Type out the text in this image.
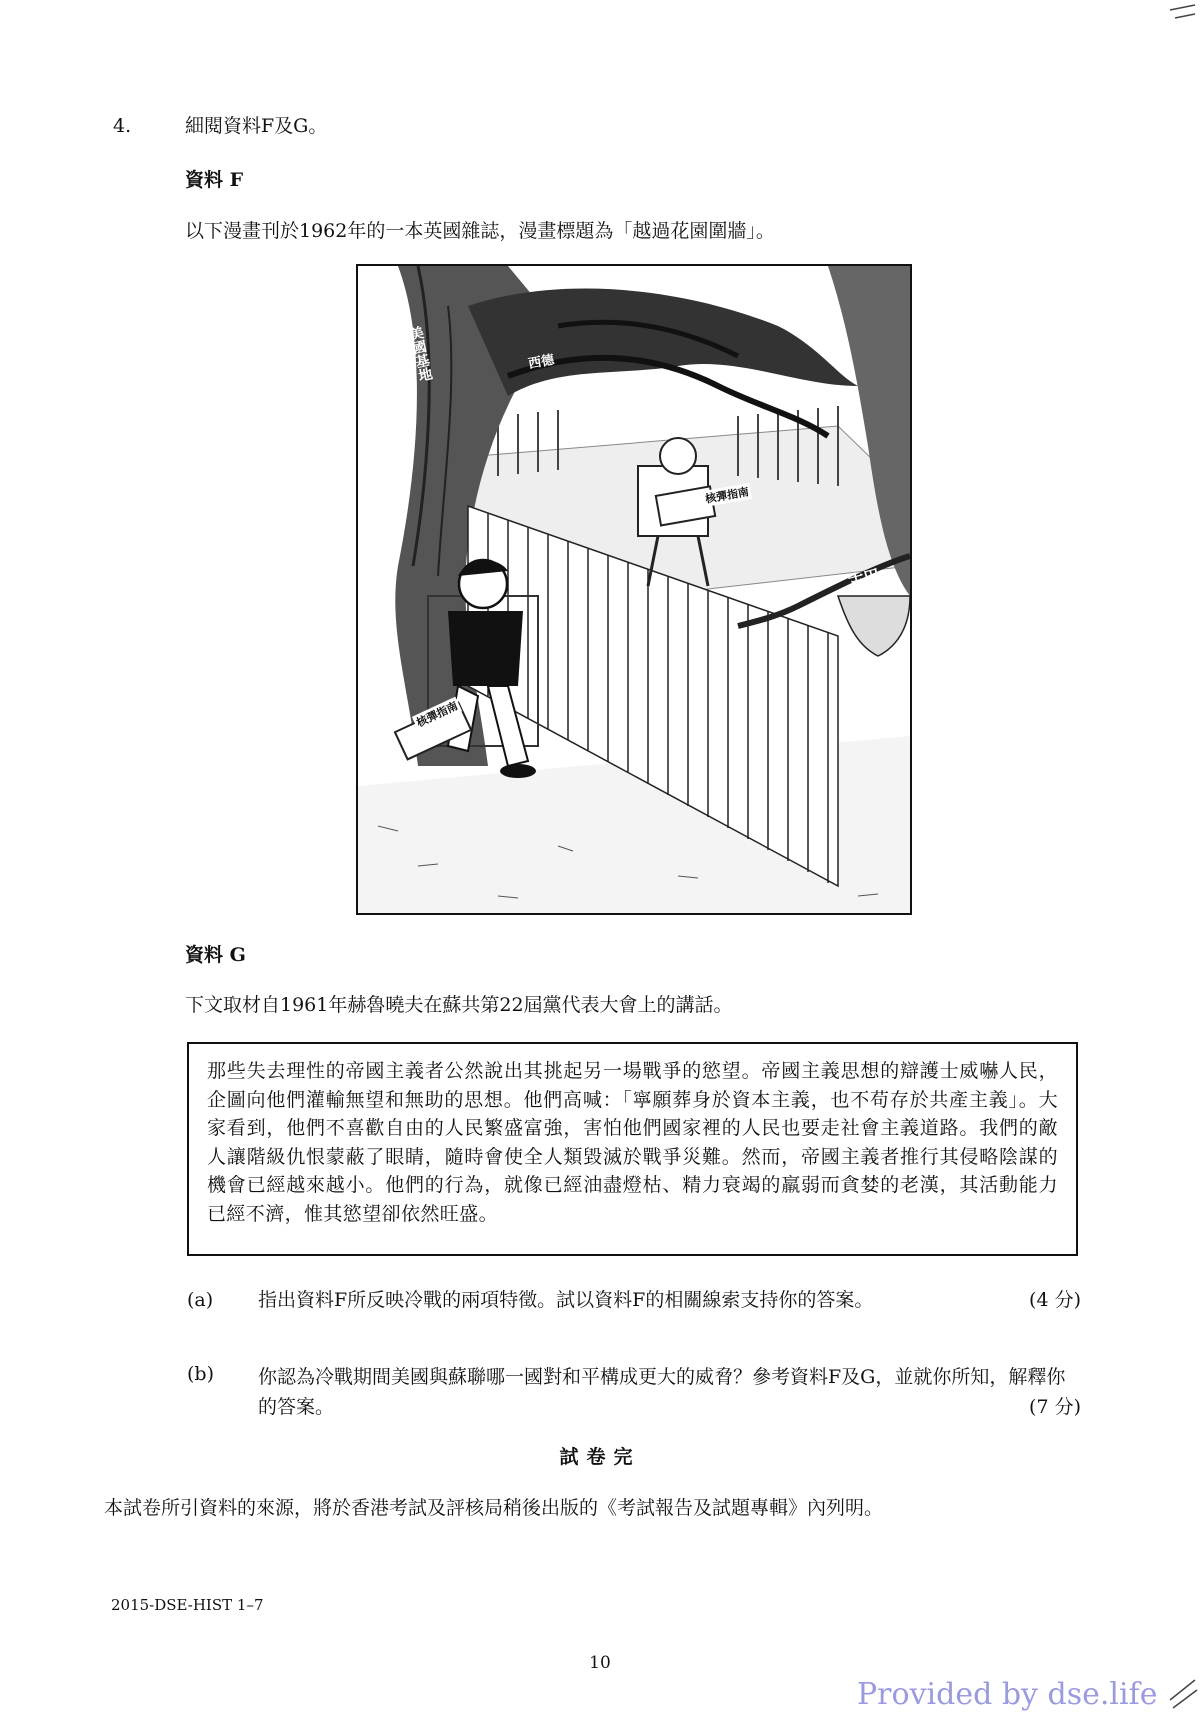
4.	細閱資料F及G。
資料 F
以下漫畫刊於1962年的一本英國雜誌，漫畫標題為「越過花園圍牆」。
核彈指南
核彈指南
古巴
西德
美國基地
資料 G
下文取材自1961年赫魯曉夫在蘇共第22屆黨代表大會上的講話。
那些失去理性的帝國主義者公然說出其挑起另一場戰爭的慾望。帝國主義思想的辯護士威嚇人民，企圖向他們灌輸無望和無助的思想。他們高喊：「寧願葬身於資本主義，也不苟存於共產主義」。大家看到，他們不喜歡自由的人民繁盛富強，害怕他們國家裡的人民也要走社會主義道路。我們的敵人讓階級仇恨蒙蔽了眼睛，隨時會使全人類毀滅於戰爭災難。然而，帝國主義者推行其侵略陰謀的機會已經越來越小。他們的行為，就像已經油盡燈枯、精力衰竭的羸弱而貪婪的老漢，其活動能力已經不濟，惟其慾望卻依然旺盛。
(a) 指出資料F所反映冷戰的兩項特徵。試以資料F的相關線索支持你的答案。	(4 分)
(b) 你認為冷戰期間美國與蘇聯哪一國對和平構成更大的威脅？參考資料F及G，並就你所知，解釋你的答案。	(7 分)
試卷完
本試卷所引資料的來源，將於香港考試及評核局稍後出版的《考試報告及試題專輯》內列明。
2015-DSE-HIST 1–7
10
Provided by dse.life
